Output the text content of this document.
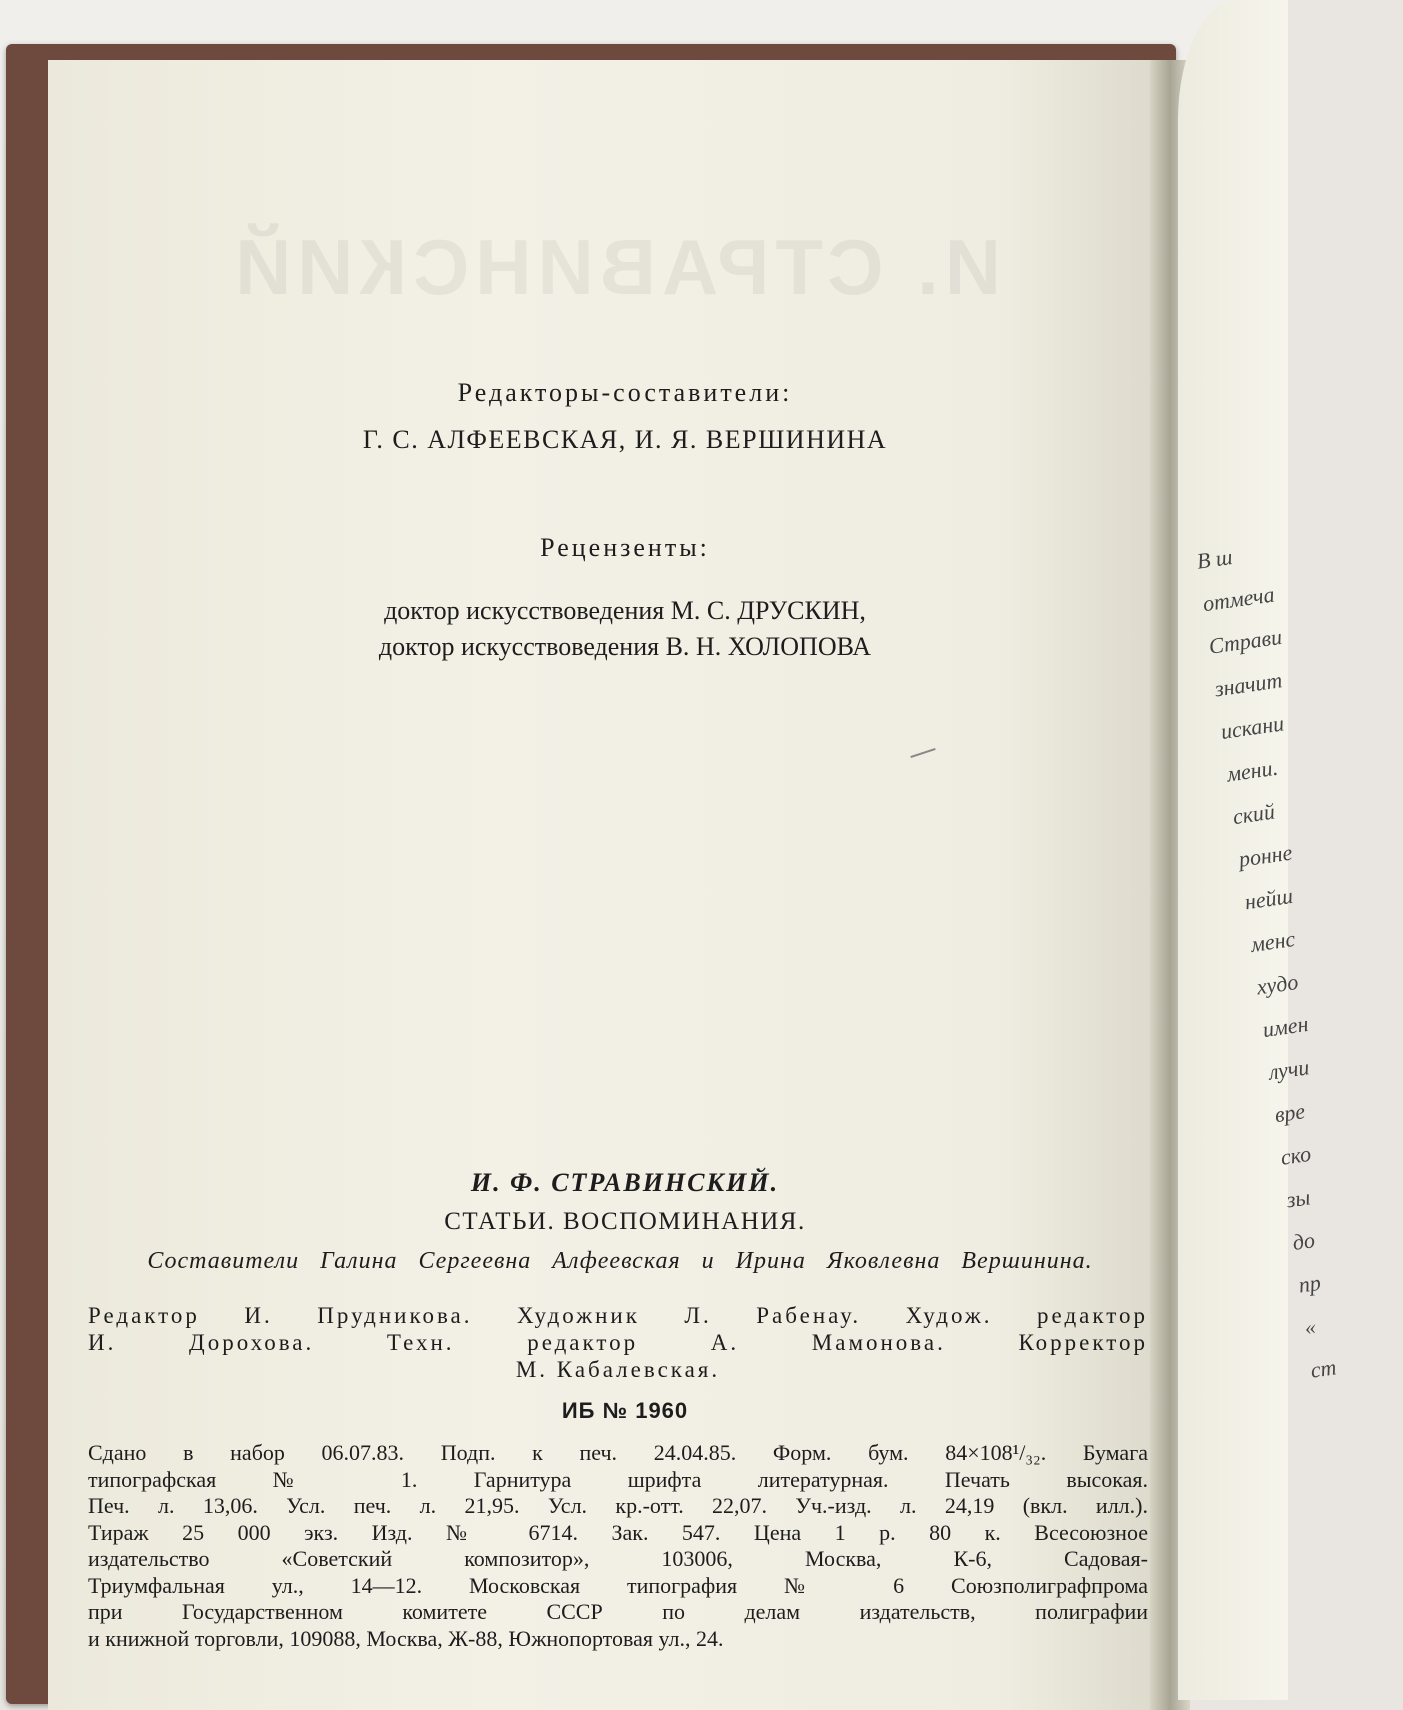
В ш
отмеча
Страви
значит
искани
мени.
ский
ронне
нейш
менс
худо
имен
лучи
вре
ско
зы
до
пр
«
ст
И. СТРАВИНСКИЙ
Редакторы-составители:
Г. С. АЛФЕЕВСКАЯ, И. Я. ВЕРШИНИНА
Рецензенты:
доктор искусствоведения М. С. ДРУСКИН,
доктор искусствоведения В. Н. ХОЛОПОВА
И. Ф. СТРАВИНСКИЙ.
СТАТЬИ. ВОСПОМИНАНИЯ.
Составители Галина Сергеевна Алфеевская и Ирина Яковлевна Вершинина.
Редактор И. Прудникова. Художник Л. Рабенау. Худож. редактор
И. Дорохова. Техн. редактор А. Мамонова. Корректор
М. Кабалевская.
ИБ № 1960
Сдано в набор 06.07.83. Подп. к печ. 24.04.85. Форм. бум. 84×108¹/₃₂. Бумага
типографская № 1. Гарнитура шрифта литературная. Печать высокая.
Печ. л. 13,06. Усл. печ. л. 21,95. Усл. кр.-отт. 22,07. Уч.-изд. л. 24,19 (вкл. илл.).
Тираж 25 000 экз. Изд. № 6714. Зак. 547. Цена 1 р. 80 к. Всесоюзное
издательство «Советский композитор», 103006, Москва, К-6, Садовая-
Триумфальная ул., 14—12. Московская типография № 6 Союзполиграфпрома
при Государственном комитете СССР по делам издательств, полиграфии
и книжной торговли, 109088, Москва, Ж-88, Южнопортовая ул., 24.
